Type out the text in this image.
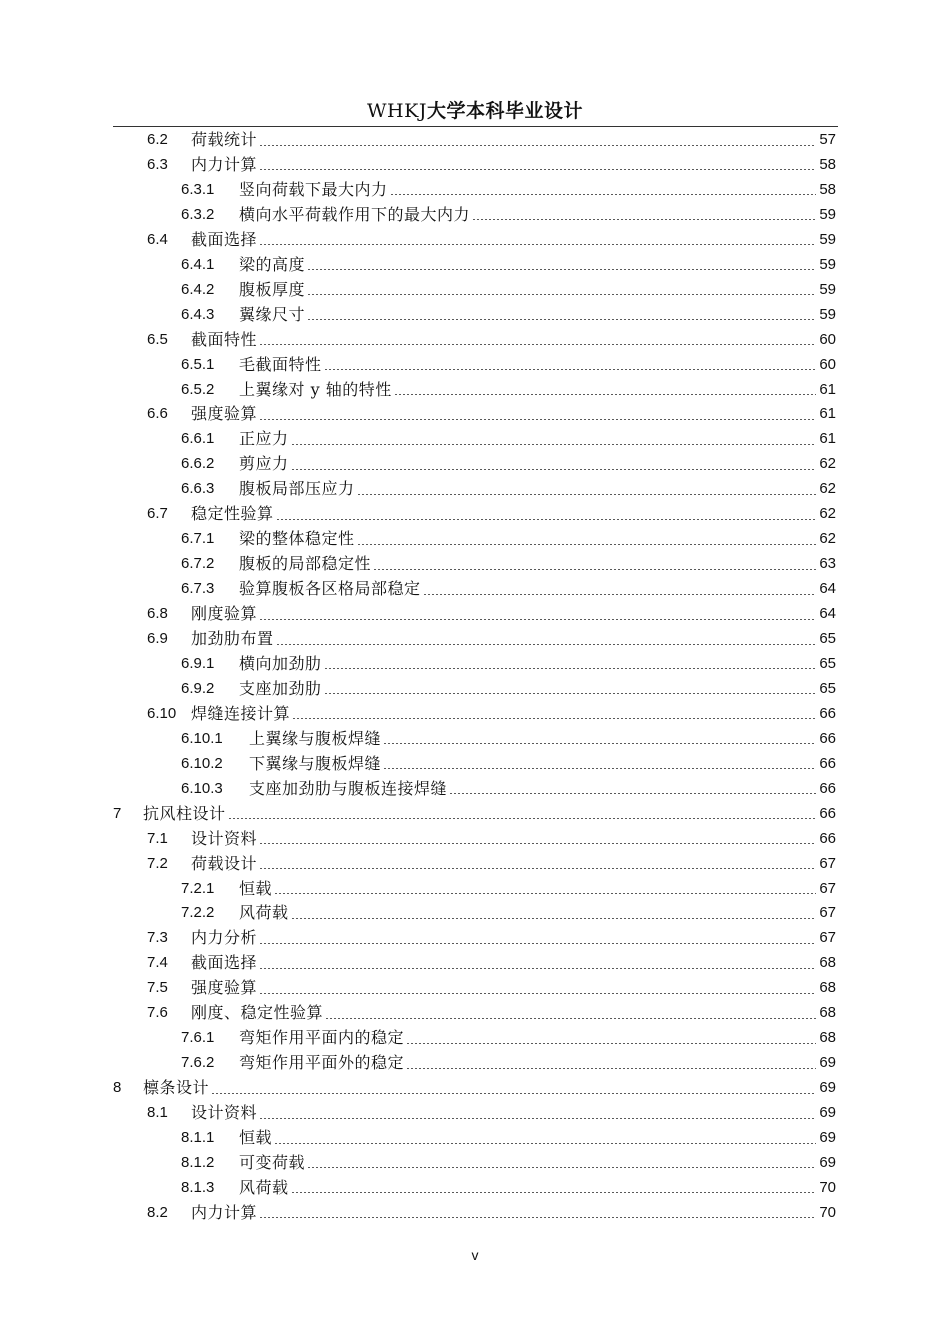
WHKJ大学本科毕业设计
6.2	荷载统计	57
6.3	内力计算	58
6.3.1	竖向荷载下最大内力	58
6.3.2	横向水平荷载作用下的最大内力	59
6.4	截面选择	59
6.4.1	梁的高度	59
6.4.2	腹板厚度	59
6.4.3	翼缘尺寸	59
6.5	截面特性	60
6.5.1	毛截面特性	60
6.5.2	上翼缘对 y 轴的特性	61
6.6	强度验算	61
6.6.1	正应力	61
6.6.2	剪应力	62
6.6.3	腹板局部压应力	62
6.7	稳定性验算	62
6.7.1	梁的整体稳定性	62
6.7.2	腹板的局部稳定性	63
6.7.3	验算腹板各区格局部稳定	64
6.8	刚度验算	64
6.9	加劲肋布置	65
6.9.1	横向加劲肋	65
6.9.2	支座加劲肋	65
6.10 焊缝连接计算	66
6.10.1	上翼缘与腹板焊缝	66
6.10.2	下翼缘与腹板焊缝	66
6.10.3	支座加劲肋与腹板连接焊缝	66
7	抗风柱设计	66
7.1	设计资料	66
7.2	荷载设计	67
7.2.1	恒载	67
7.2.2	风荷载	67
7.3	内力分析	67
7.4	截面选择	68
7.5	强度验算	68
7.6	刚度、稳定性验算	68
7.6.1	弯矩作用平面内的稳定	68
7.6.2	弯矩作用平面外的稳定	69
8	檩条设计	69
8.1	设计资料	69
8.1.1	恒载	69
8.1.2	可变荷载	69
8.1.3	风荷载	70
8.2	内力计算	70
v
